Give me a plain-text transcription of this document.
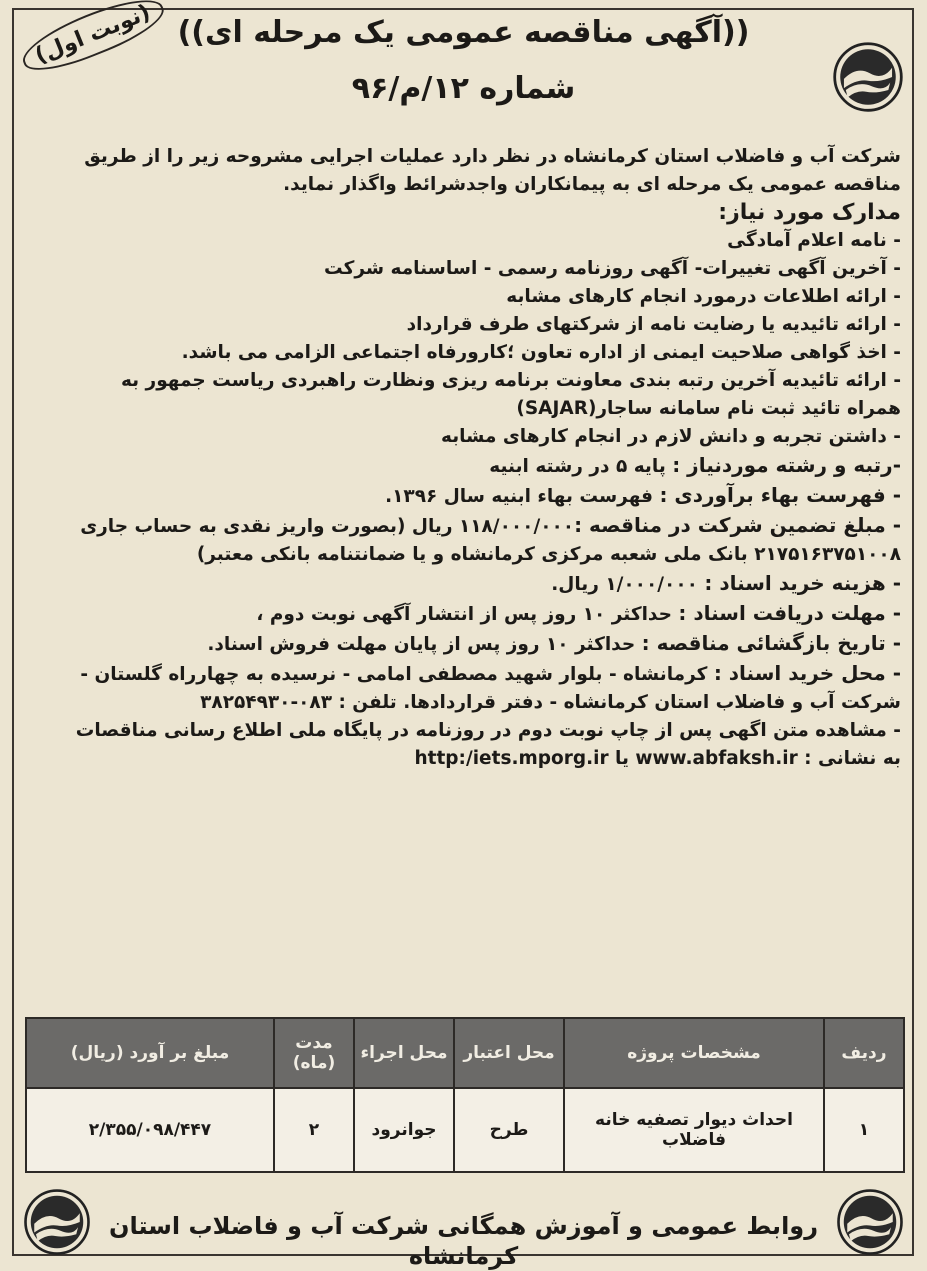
(نوبت اول) ((آگهی مناقصه عمومی یک مرحله ای))
شماره ۱۲/م/۹۶

شرکت آب و فاضلاب استان کرمانشاه در نظر دارد عملیات اجرایی مشروحه زیر را از طریق

مناقصه عمومی یک مرحله ای به پیمانکاران واجدشرائط واگذار نماید.

مدارک مورد نیاز:

- نامه اعلام آمادگی

- آخرین آگهی تغییرات- آگهی روزنامه رسمی - اساسنامه شرکت

- ارائه اطلاعات درمورد انجام کارهای مشابه

- ارائه تائیدیه یا رضایت نامه از شرکتهای طرف قرارداد

- اخذ گواهی صلاحیت ایمنی از اداره تعاون ؛کارورفاه اجتماعی الزامی می باشد.

- ارائه تائیدیه آخرین رتبه بندی معاونت برنامه ریزی ونظارت راهبردی ریاست جمهور به

همراه تائید ثبت نام سامانه ساجار(SAJAR)

- داشتن تجربه و دانش لازم در انجام کارهای مشابه

-رتبه و رشته موردنیاز : پایه ۵ در رشته ابنیه

- فهرست بهاء برآوردی : فهرست بهاء ابنیه سال ۱۳۹۶.

- مبلغ تضمین شرکت در مناقصه :۱۱۸/۰۰۰/۰۰۰ ریال (بصورت واریز نقدی به حساب جاری

۲۱۷۵۱۶۳۷۵۱۰۰۸ بانک ملی شعبه مرکزی کرمانشاه و یا ضمانتنامه بانکی معتبر)

- هزینه خرید اسناد : ۱/۰۰۰/۰۰۰ ریال.

- مهلت دریافت اسناد : حداکثر ۱۰ روز پس از انتشار آگهی نوبت دوم ،

- تاریخ بازگشائی مناقصه : حداکثر ۱۰ روز پس از پایان مهلت فروش اسناد.

- محل خرید اسناد : کرمانشاه - بلوار شهید مصطفی امامی - نرسیده به چهارراه گلستان -

شرکت آب و فاضلاب استان کرمانشاه - دفتر قراردادها. تلفن : ۰۸۳-۳۸۲۵۴۹۳۰

- مشاهده متن اگهی پس از چاپ نوبت دوم در روزنامه در پایگاه ملی اطلاع رسانی مناقصات

به نشانی : www.abfaksh.ir یا http:/iets.mporg.ir

ردیف	مشخصات پروژه	محل اعتبار	محل اجراء	مدت (ماه)	مبلغ بر آورد (ریال)
۱	احداث دیوار تصفیه خانه فاضلاب	طرح	جوانرود	۲	۲/۳۵۵/۰۹۸/۴۴۷
روابط عمومی و آموزش همگانی شرکت آب و فاضلاب استان کرمانشاه
